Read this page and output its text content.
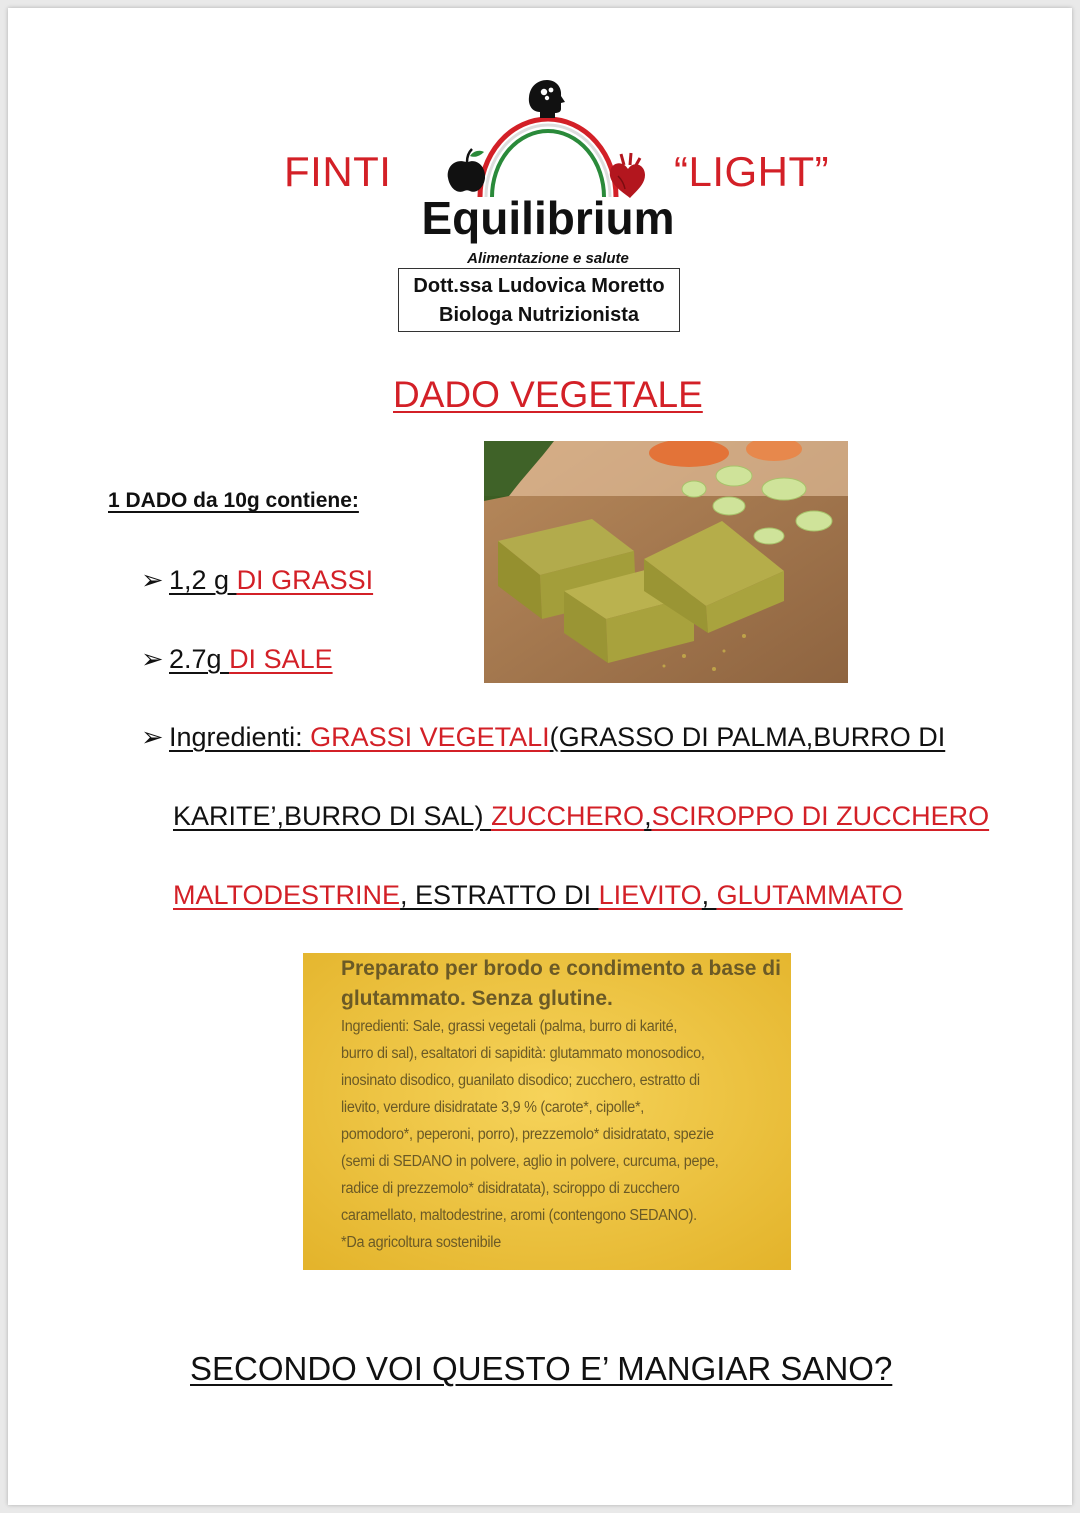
FINTI	“LIGHT”
Equilibrium
Alimentazione e salute
Dott.ssa Ludovica Moretto
Biologa Nutrizionista
DADO VEGETALE
1 DADO da 10g contiene:
➢ 1,2 g DI GRASSI
➢ 2.7g DI SALE
➢ Ingredienti: GRASSI VEGETALI(GRASSO DI PALMA,BURRO DI
KARITE’,BURRO DI SAL) ZUCCHERO,SCIROPPO DI ZUCCHERO
MALTODESTRINE, ESTRATTO DI LIEVITO, GLUTAMMATO
Preparato per brodo e condimento a base di
glutammato. Senza glutine.
Ingredienti: Sale, grassi vegetali (palma, burro di karité,
burro di sal), esaltatori di sapidità: glutammato monosodico,
inosinato disodico, guanilato disodico; zucchero, estratto di
lievito, verdure disidratate 3,9 % (carote*, cipolle*,
pomodoro*, peperoni, porro), prezzemolo* disidratato, spezie
(semi di SEDANO in polvere, aglio in polvere, curcuma, pepe,
radice di prezzemolo* disidratata), sciroppo di zucchero
caramellato, maltodestrine, aromi (contengono SEDANO).
*Da agricoltura sostenibile
SECONDO VOI QUESTO E’ MANGIAR SANO?
